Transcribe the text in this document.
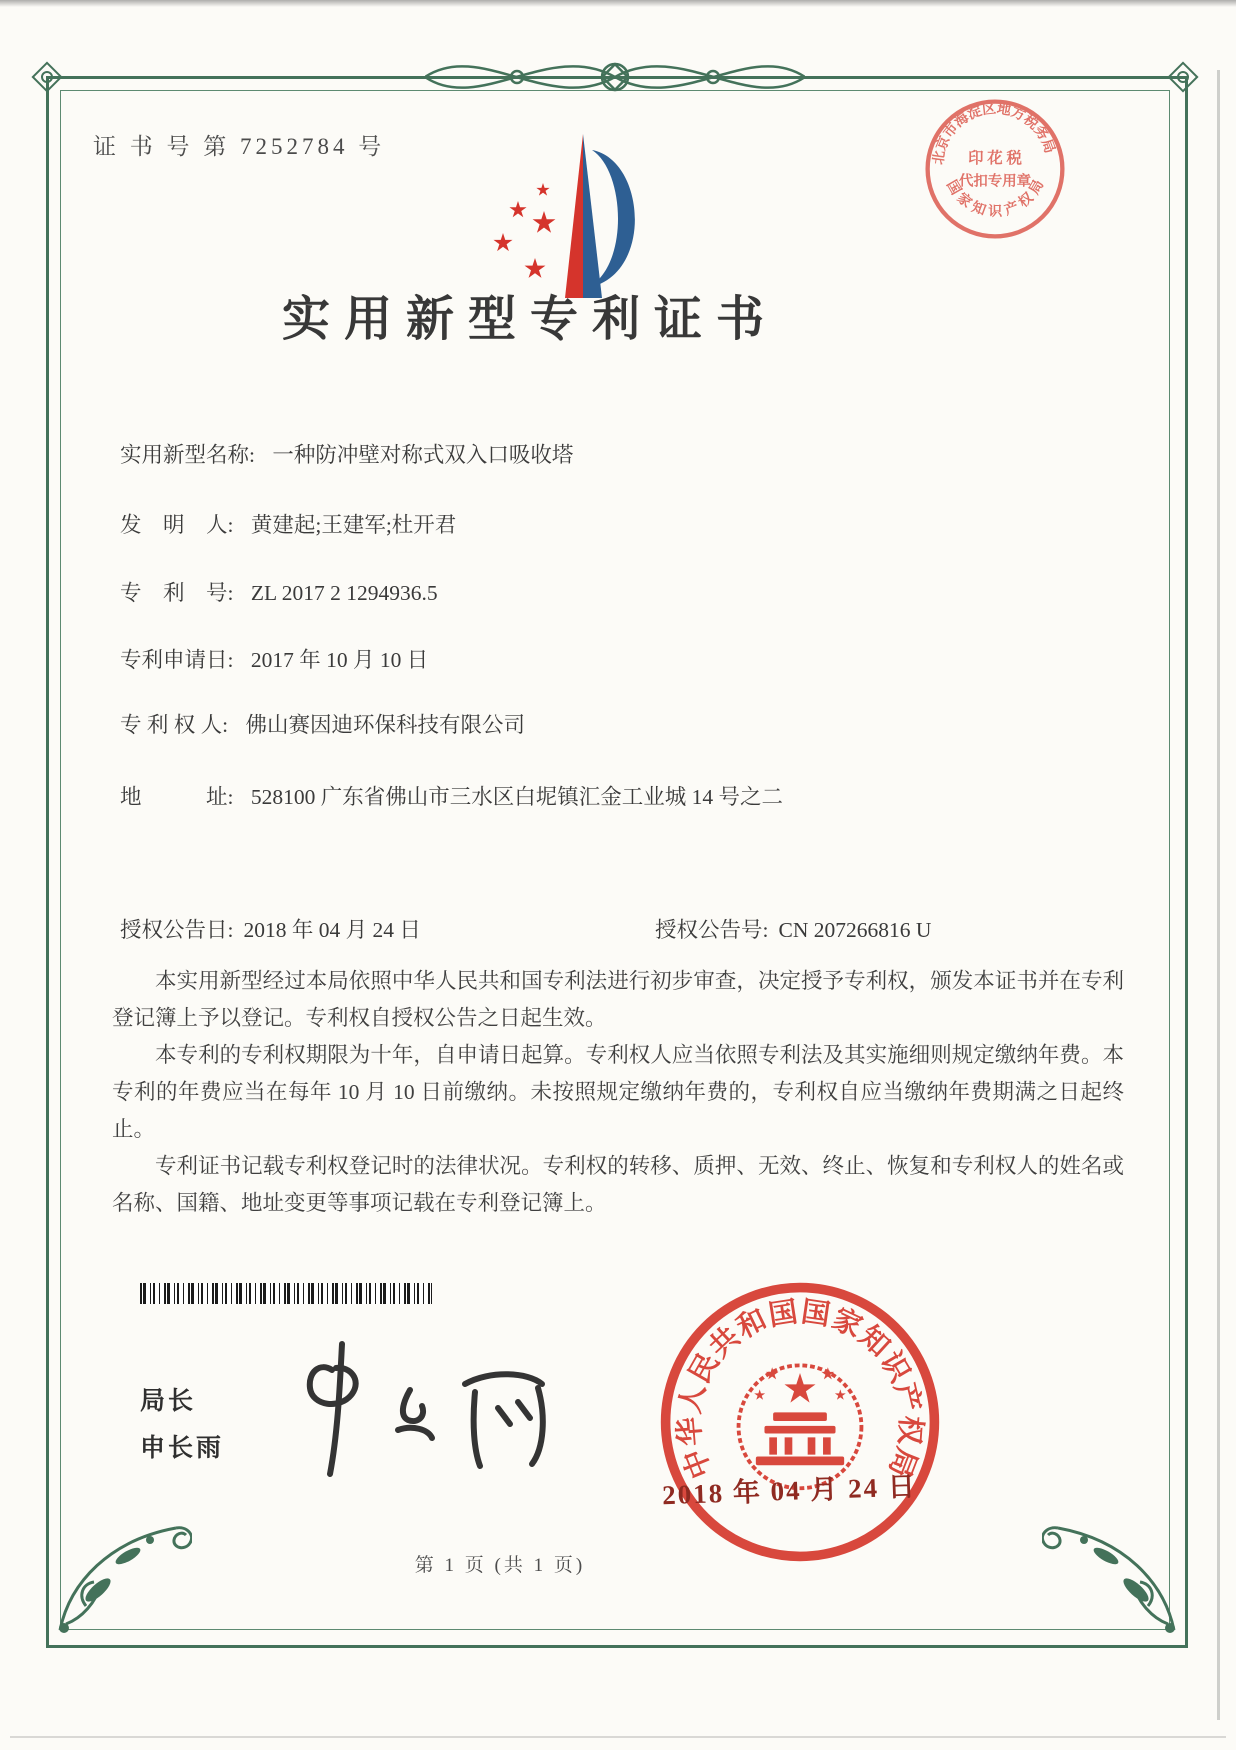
证 书 号 第 7252784 号	北京市海淀区地方税务局
国家知识产权局
印 花 税
代扣专用章
实用新型专利证书
实用新型名称: 一种防冲壁对称式双入口吸收塔
发　明　人: 黄建起;王建军;杜开君
专　利　号: ZL 2017 2 1294936.5
专利申请日: 2017 年 10 月 10 日
专 利 权 人: 佛山赛因迪环保科技有限公司
地　　　址: 528100 广东省佛山市三水区白坭镇汇金工业城 14 号之二
授权公告日: 2018 年 04 月 24 日	授权公告号: CN 207266816 U

本实用新型经过本局依照中华人民共和国专利法进行初步审查，决定授予专利权，颁发本证书并在专利登记簿上予以登记。专利权自授权公告之日起生效。

本专利的专利权期限为十年，自申请日起算。专利权人应当依照专利法及其实施细则规定缴纳年费。本专利的年费应当在每年 10 月 10 日前缴纳。未按照规定缴纳年费的，专利权自应当缴纳年费期满之日起终止。

专利证书记载专利权登记时的法律状况。专利权的转移、质押、无效、终止、恢复和专利权人的姓名或名称、国籍、地址变更等事项记载在专利登记簿上。

局长
申长雨	中华人民共和国国家知识产权局
2018 年 04 月 24 日
第 1 页 (共 1 页)
